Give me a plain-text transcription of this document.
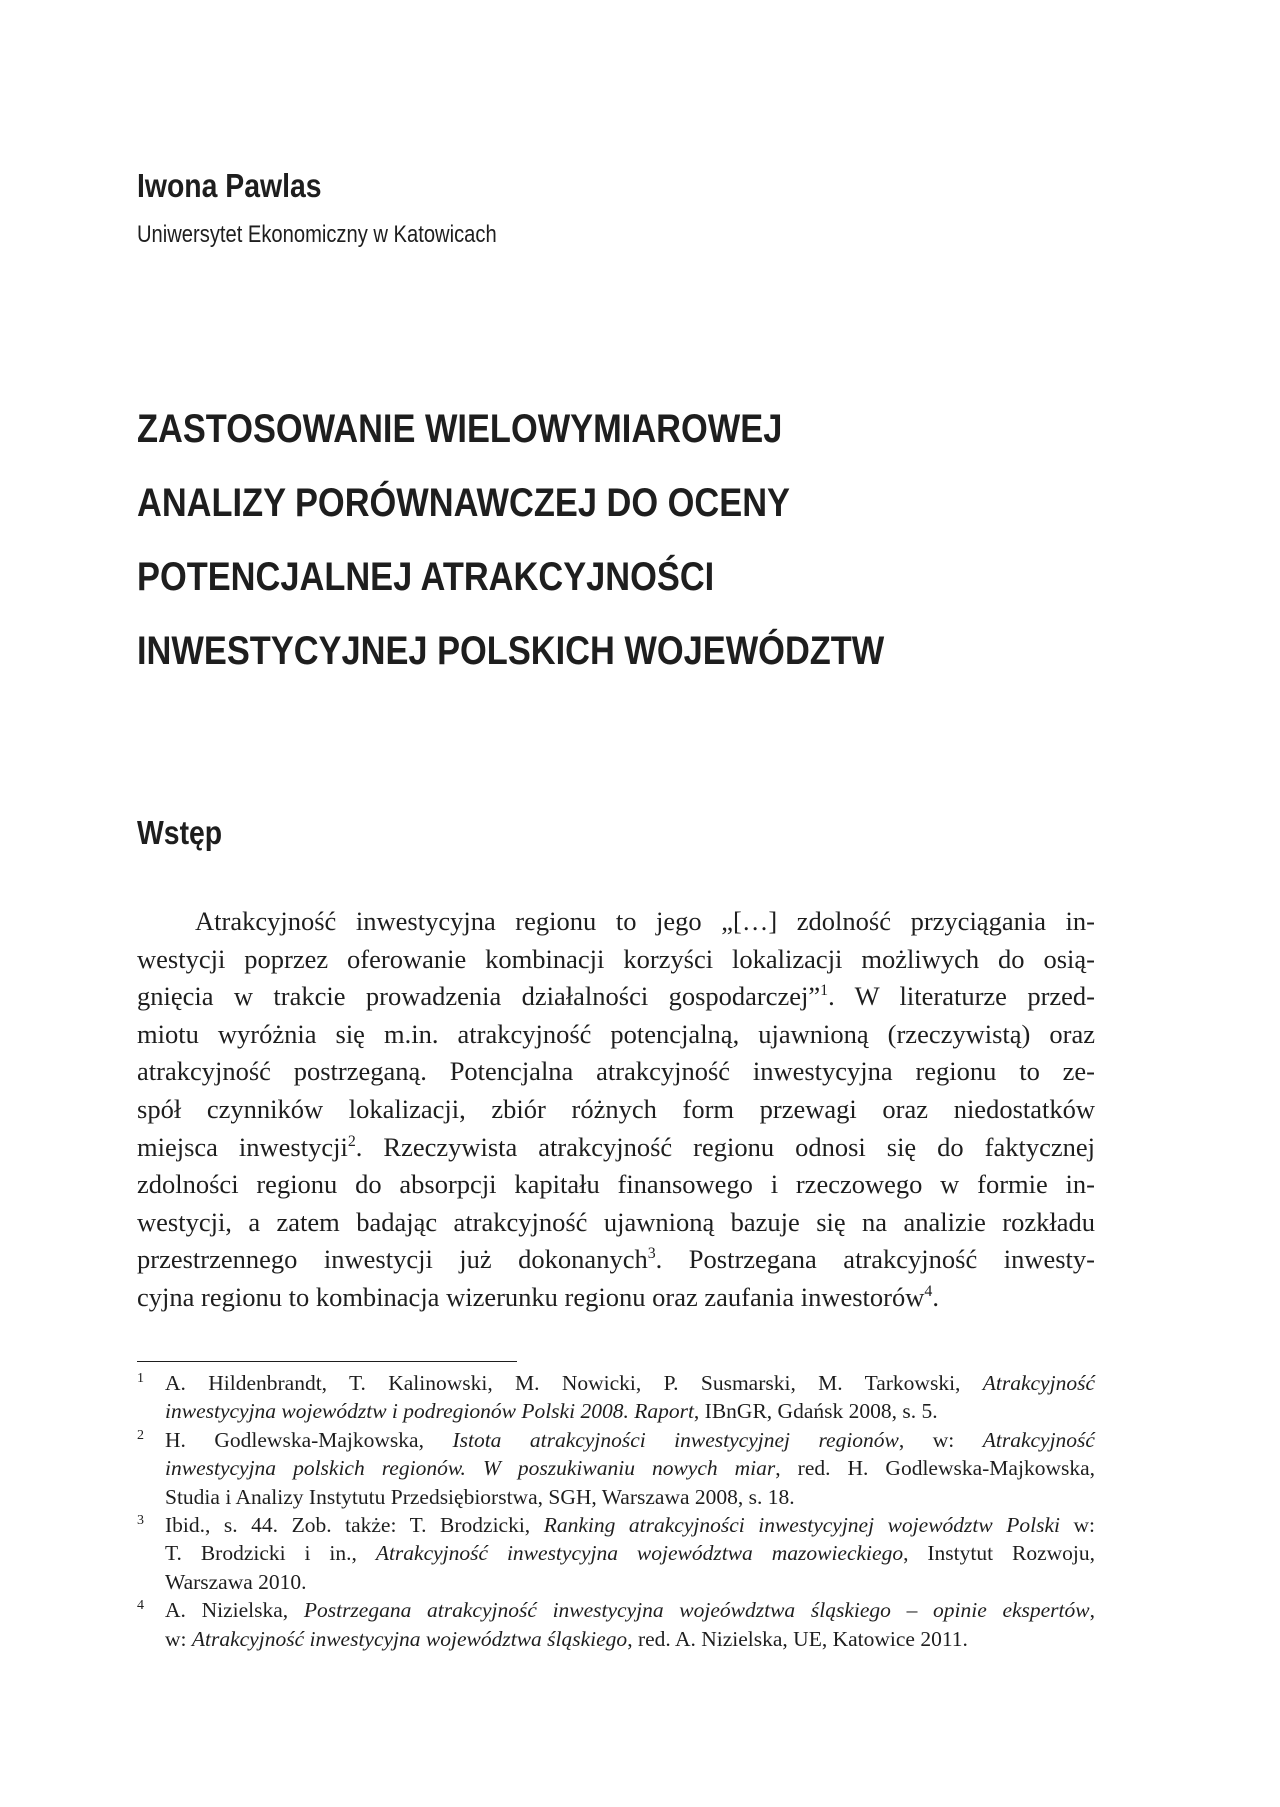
Iwona Pawlas
Uniwersytet Ekonomiczny w Katowicach
ZASTOSOWANIE WIELOWYMIAROWEJ
ANALIZY PORÓWNAWCZEJ DO OCENY
POTENCJALNEJ ATRAKCYJNOŚCI
INWESTYCYJNEJ POLSKICH WOJEWÓDZTW
Wstęp
Atrakcyjność inwestycyjna regionu to jego „[…] zdolność przyciągania in-
westycji poprzez oferowanie kombinacji korzyści lokalizacji możliwych do osią-
gnięcia w trakcie prowadzenia działalności gospodarczej”$^1$. W literaturze przed-
miotu wyróżnia się m.in. atrakcyjność potencjalną, ujawnioną (rzeczywistą) oraz
atrakcyjność postrzeganą. Potencjalna atrakcyjność inwestycyjna regionu to ze-
spół czynników lokalizacji, zbiór różnych form przewagi oraz niedostatków
miejsca inwestycji$^2$. Rzeczywista atrakcyjność regionu odnosi się do faktycznej
zdolności regionu do absorpcji kapitału finansowego i rzeczowego w formie in-
westycji, a zatem badając atrakcyjność ujawnioną bazuje się na analizie rozkładu
przestrzennego inwestycji już dokonanych$^3$. Postrzegana atrakcyjność inwesty-
cyjna regionu to kombinacja wizerunku regionu oraz zaufania inwestorów$^4$.
1 A. Hildenbrandt, T. Kalinowski, M. Nowicki, P. Susmarski, M. Tarkowski, Atrakcyjność
inwestycyjna województw i podregionów Polski 2008. Raport, IBnGR, Gdańsk 2008, s. 5.
2 H. Godlewska-Majkowska, Istota atrakcyjności inwestycyjnej regionów, w: Atrakcyjność
inwestycyjna polskich regionów. W poszukiwaniu nowych miar, red. H. Godlewska-Majkowska,
Studia i Analizy Instytutu Przedsiębiorstwa, SGH, Warszawa 2008, s. 18.
3 Ibid., s. 44. Zob. także: T. Brodzicki, Ranking atrakcyjności inwestycyjnej województw Polski w:
T. Brodzicki i in., Atrakcyjność inwestycyjna województwa mazowieckiego, Instytut Rozwoju,
Warszawa 2010.
4 A. Nizielska, Postrzegana atrakcyjność inwestycyjna wojeówdztwa śląskiego – opinie ekspertów,
w: Atrakcyjność inwestycyjna województwa śląskiego, red. A. Nizielska, UE, Katowice 2011.
